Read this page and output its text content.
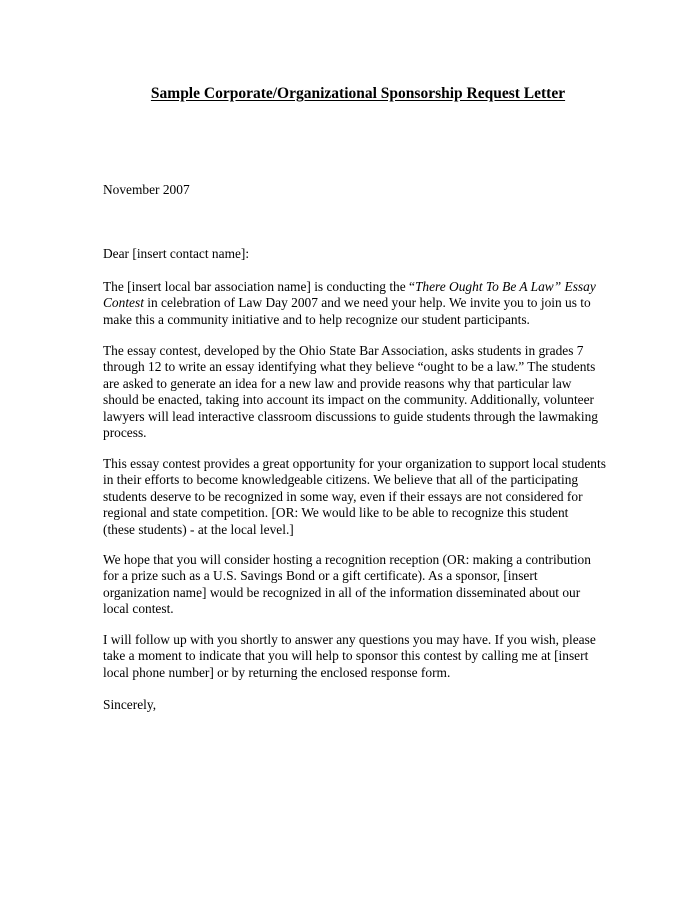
Sample Corporate/Organizational Sponsorship Request Letter
November 2007
Dear [insert contact name]:
The [insert local bar association name] is conducting the “There Ought To Be A Law” Essay
Contest in celebration of Law Day 2007 and we need your help. We invite you to join us to
make this a community initiative and to help recognize our student participants.
The essay contest, developed by the Ohio State Bar Association, asks students in grades 7
through 12 to write an essay identifying what they believe “ought to be a law.” The students
are asked to generate an idea for a new law and provide reasons why that particular law
should be enacted, taking into account its impact on the community. Additionally, volunteer
lawyers will lead interactive classroom discussions to guide students through the lawmaking
process.
This essay contest provides a great opportunity for your organization to support local students
in their efforts to become knowledgeable citizens. We believe that all of the participating
students deserve to be recognized in some way, even if their essays are not considered for
regional and state competition. [OR: We would like to be able to recognize this student
(these students) - at the local level.]
We hope that you will consider hosting a recognition reception (OR: making a contribution
for a prize such as a U.S. Savings Bond or a gift certificate). As a sponsor, [insert
organization name] would be recognized in all of the information disseminated about our
local contest.
I will follow up with you shortly to answer any questions you may have. If you wish, please
take a moment to indicate that you will help to sponsor this contest by calling me at [insert
local phone number] or by returning the enclosed response form.
Sincerely,
